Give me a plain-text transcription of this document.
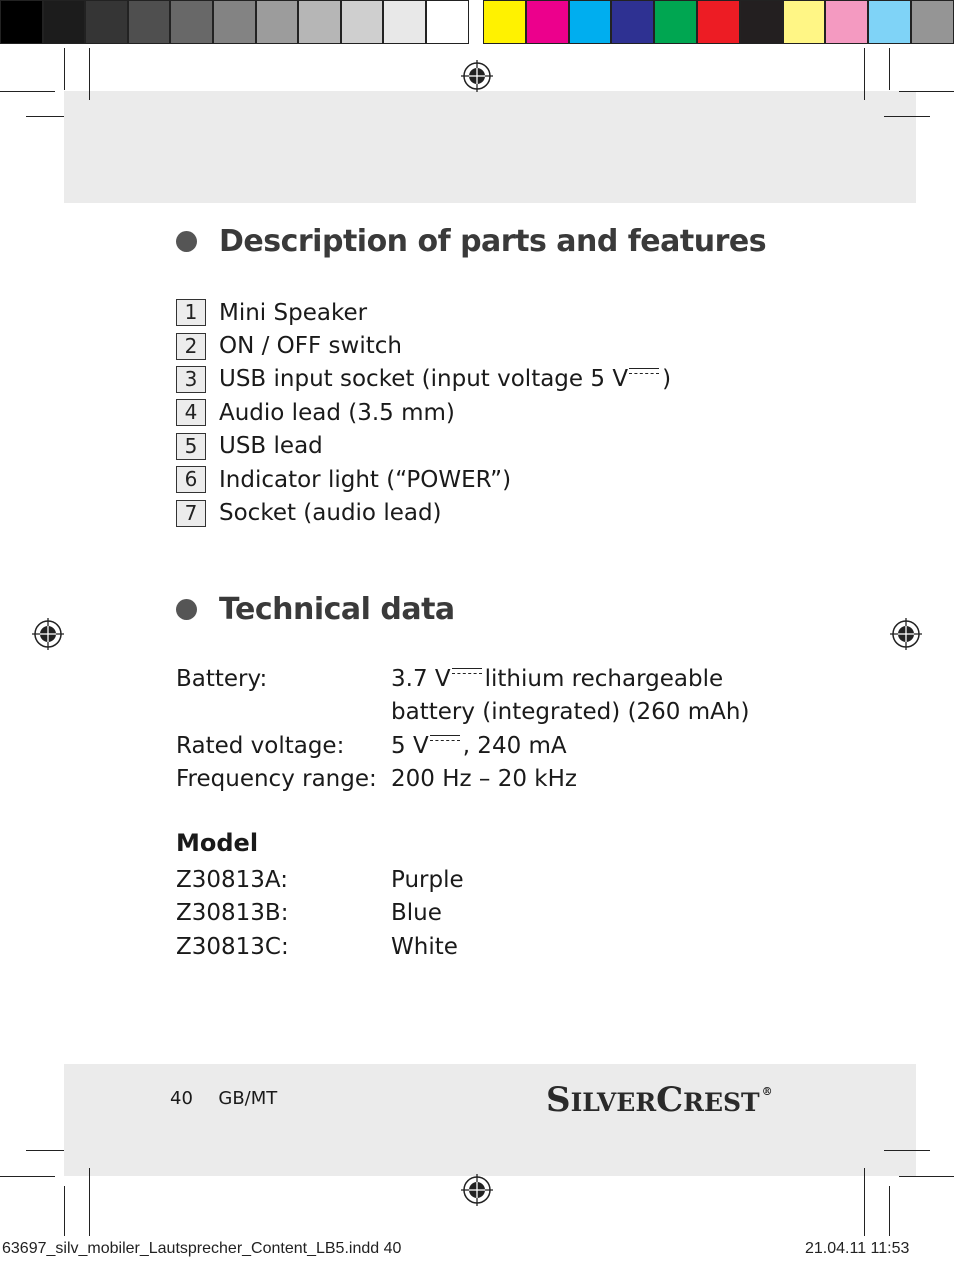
Description of parts and features
1 Mini Speaker
2 ON / OFF switch
3 USB input socket (input voltage 5 V )
4 Audio lead (3.5 mm)
5 USB lead
6 Indicator light (“POWER”)
7 Socket (audio lead)
Technical data
Battery:	3.7 V lithium rechargeable
battery (integrated) (260 mAh)
Rated voltage:	5 V , 240 mA
Frequency range: 200 Hz – 20 kHz
Model
Z30813A:	Purple
Z30813B:	Blue
Z30813C:	White
40 GB/MT	SILVERCREST ®
63697_silv_mobiler_Lautsprecher_Content_LB5.indd 40	21.04.11 11:53
